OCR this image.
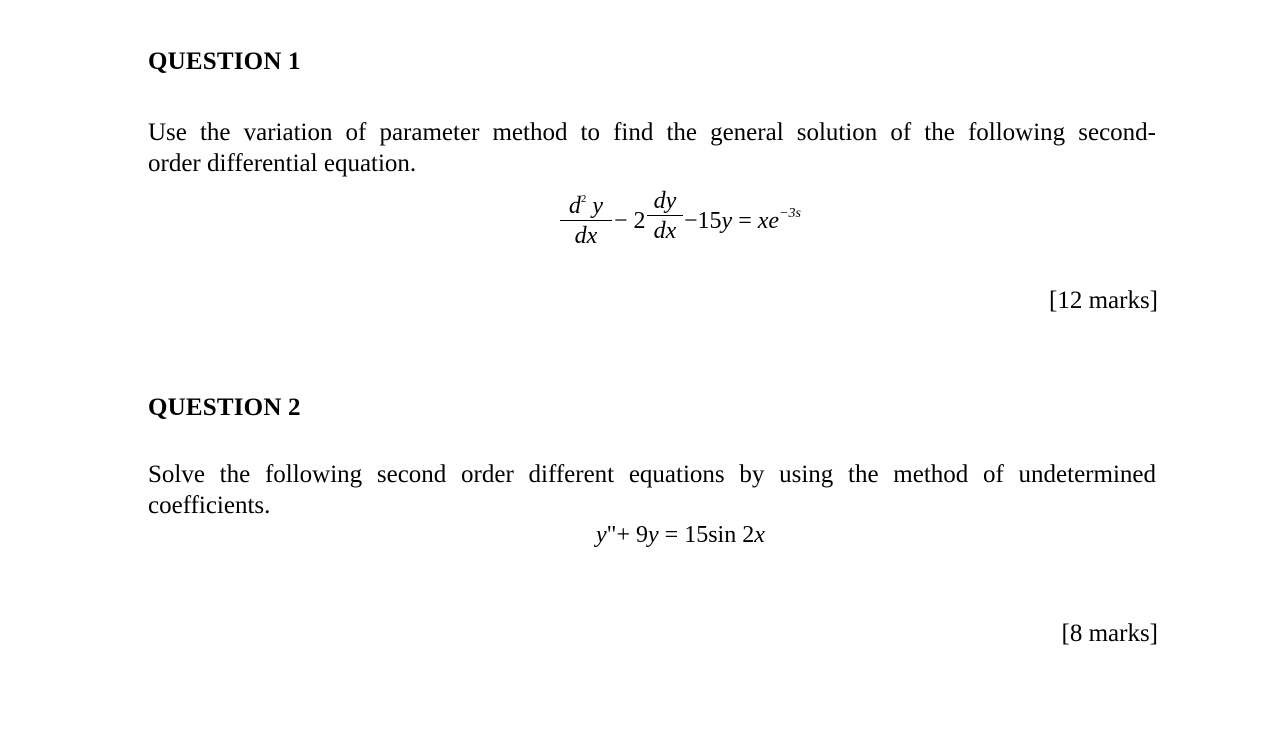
QUESTION 1
Use the variation of parameter method to find the general solution of the following second-
order differential equation.
$\frac{d^2 y}{dx} - 2 \frac{dy}{dx} -15y = xe^{-3s}$
[12 marks]
QUESTION 2
Solve the following second order different equations by using the method of undetermined
coefficients.
y"+ 9y = 15sin 2x
[8 marks]
